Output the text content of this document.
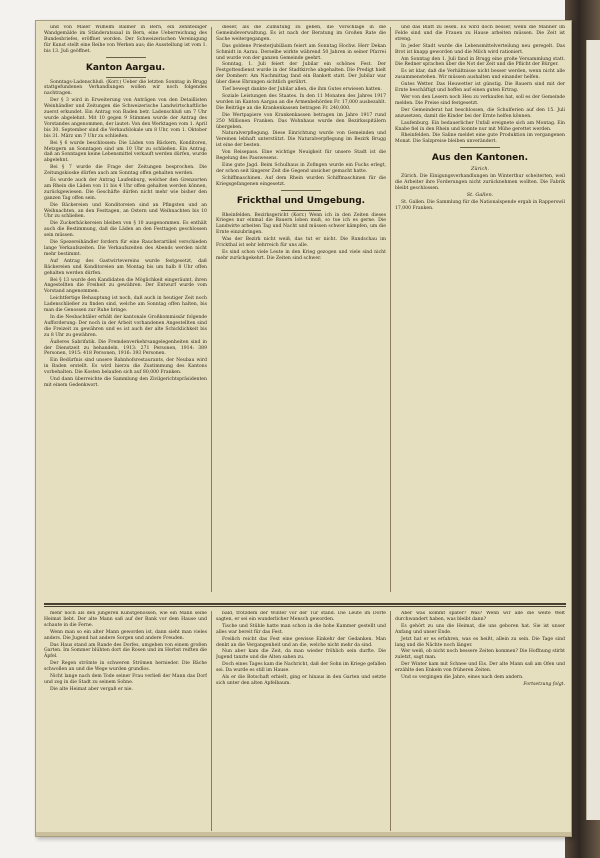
und von Maler Wilhelm Balmer in Bern, ein zehnteiliger Wandgemälde im Ständeratssaal in Bern, eine Ueberreichung des Bundesbriefes, eröffnet worden. Der Schweizerischen Vereinigung für Kunst stellt eine Reihe von Werken aus; die Ausstellung ist vom 1. bis 13. Juli geöffnet.

Kanton Aargau.

Sonntags-Ladenschluß. (Korr.) Ueber die letzten Sonntag in Brugg stattgefundenen Verhandlungen wollen wir noch folgendes nachtragen.

Der § 3 wird in Erweiterung von Anträgen von den Detaillisten Weinhändler und Zeitungen die Schweizerische Landwirtschaftliche zuerst erkundet. Ein Antrag von Baden betr. Ladenschluß um 7 Uhr wurde abgelehnt. Mit 10 gegen 9 Stimmen wurde der Antrag des Vorstandes angenommen, der lautet: Von den Werktagen vom 1. April bis 30. September sind die Verkaufslokale um 8 Uhr, vom 1. Oktober bis 31. März um 7 Uhr zu schließen.

Bei § 6 wurde beschlossen: Die Läden von Bäckern, Konditoren, Metzgern an Sonntagen sind um 10 Uhr zu schließen. Ein Antrag, daß an Sonntagen keine Lebensmittel verkauft werden dürfen, wurde abgelehnt.

Bei § 7 wurde die Frage der Zeitungen besprochen. Die Zeitungskioske dürfen auch am Sonntag offen gehalten werden.

Es wurde auch der Antrag Laufenburg, welcher den Grenzorten am Rhein die Läden von 11 bis 4 Uhr offen gehalten werden können, zurückgewiesen. Die Geschäfte dürfen nicht mehr wie bisher den ganzen Tag offen sein.

Die Bäckereien und Konditoreien sind an Pfingsten und an Weihnachten, an den Festtagen, an Ostern und Weihnachten bis 10 Uhr zu schließen.

Die Zuckerbäckereien bleiben von § 10 ausgenommen. Es enthält auch die Bestimmung, daß die Läden an den Festtagen geschlossen sein müssen.

Die Spezereihändler fordern für eine Raucherartikel verschieden lange Verkaufszeiten. Die Verkaufszeiten des Abends werden nicht mehr bestimmt.

Auf Antrag des Gastwirtevereins wurde festgesetzt, daß Bäckereien und Konditoreien am Montag bis um halb 8 Uhr offen gehalten werden dürfen.

Bei § 13 wurde den Kandidaten die Möglichkeit eingeräumt, ihren Angestellten die Freiheit zu gewähren. Der Entwurf wurde vom Vorstand angenommen.

Leichtfertige Behauptung ist noch, daß auch in heutiger Zeit noch Ladenschließer zu finden sind, welche am Sonntag offen halten, bis man die Genossen zur Ruhe bringe.

In die Nesbachtäler erhält der kantonale Großkommissär folgende Aufforderung: Der noch in der Arbeit vorhandenen Angestellten sind die Freizeit zu gewähren und es ist auch der alte Schicklichkeit bis zu 8 Uhr zu gewähren.

Äußeres Sabrifatik. Die Fremdenverkehrsangelegenheiten sind in der Dienstzeit zu behandeln. 1913: 271 Personen, 1914: 389 Personen, 1915: 418 Personen, 1916: 393 Personen.

Ein Bedürfnis sind unsere Bahnhofsrestaurants, der Neubau wird in Baden erstellt. Es wird hierzu die Zustimmung des Kantons vorbehalten. Die Kosten belaufen sich auf 80,000 Franken.

Und dann überreichte die Sammlung den Zivilgerichtspräsidenten mit einem Gedenkwort.

dieser, als die Zumutung zu geben, die Vorschläge in die Gemeindeverwaltung. Es ist nach der Beratung im Großen Rate die Sache weitergegangen.

Das goldene Priesterjubiläum feiert am Sonntag Hochw. Herr Dekan Schmidt in Aarau. Derselbe wirkte während 50 Jahren in seiner Pfarrei und wurde von der ganzen Gemeinde geehrt.

Sonntag, 1. Juli feiert der Jubilar ein schönes Fest. Der Festgottesdienst wurde in der Stadtkirche abgehalten. Die Predigt hielt der Domherr. Am Nachmittag fand ein Bankett statt. Der Jubilar war über diese Ehrungen sichtlich gerührt.

Tief bewegt dankte der Jubilar allen, die ihm Gutes erwiesen hatten.

Soziale Leistungen des Staates. In den 11 Monaten des Jahres 1917 wurden im Kanton Aargau an die Armenbehörden Fr. 17,000 ausbezahlt. Die Beiträge an die Krankenkassen betragen Fr. 240,000.

Die Wertpapiere von Krankenkassen betragen im Jahre 1917 rund 250 Millionen Franken. Das Wohnhaus wurde den Bezirksspitälern übergeben.

Naturalverpflegung. Diese Einrichtung wurde von Gemeinden und Vereinen lebhaft unterstützt. Die Naturalverpflegung im Bezirk Brugg ist eine der besten.

Von Reisepass. Eine wichtige Neuigkeit für unsere Stadt ist die Regelung des Passwesens.

Eine gute Jagd. Beim Schulhaus in Zofingen wurde ein Fuchs erlegt, der schon seit längerer Zeit die Gegend unsicher gemacht hatte.

Schiffmaschinen. Auf dem Rhein wurden Schiffmaschinen für die Kriegsgefangenen eingesetzt.

Frickthal und Umgebung.

Rheinfelden. Bezirksgericht (Korr.) Wenn ich in den Zeiten dieses Krieges nur einmal die Bauern loben muß, so tue ich es gerne. Die Landwirte arbeiten Tag und Nacht und müssen schwer kämpfen, um die Ernte einzubringen.

Was der Bezirk nicht weiß, das tut er nicht. Die Rundschau im Frickthal ist sehr lehrreich für uns alle.

Es sind schon viele Leute in den Krieg gezogen und viele sind nicht mehr zurückgekehrt. Die Zeiten sind schwer.

und das Blatt zu lesen. Es wird doch besser, wenn die Männer im Felde sind und die Frauen zu Hause arbeiten müssen. Die Zeit ist streng.

In jeder Stadt wurde die Lebensmittelverteilung neu geregelt. Das Brot ist knapp geworden und die Milch wird rationiert.

Am Sonntag den 1. Juli fand in Brugg eine große Versammlung statt. Die Redner sprachen über die Not der Zeit und die Pflicht der Bürger.

Es ist klar, daß die Verhältnisse nicht besser werden, wenn nicht alle zusammenstehen. Wir müssen aushalten und einander helfen.

Gutes Wetter. Das Heuwetter ist günstig. Die Bauern sind mit der Ernte beschäftigt und hoffen auf einen guten Ertrag.

Wer von den Lesern noch Heu zu verkaufen hat, soll es der Gemeinde melden. Die Preise sind festgesetzt.

Der Gemeinderat hat beschlossen, die Schulferien auf den 15. Juli anzusetzen, damit die Kinder bei der Ernte helfen können.

Laufenburg. Ein bedauerlicher Unfall ereignete sich am Montag. Ein Knabe fiel in den Rhein und konnte nur mit Mühe gerettet werden.

Rheinfelden. Die Saline meldet eine gute Produktion im vergangenen Monat. Die Salzpreise bleiben unverändert.

Aus den Kantonen.
Zürich.

Zürich. Die Einigungsverhandlungen im Winterthur scheiterten, weil die Arbeiter ihre Forderungen nicht zurücknehmen wollten. Die Fabrik bleibt geschlossen.

St. Gallen.

St. Gallen. Die Sammlung für die Nationalspende ergab in Rapperswil 17,000 Franken.

mehr noch als den jüngeren Kunstgenossen, wie ein Mann seine Heimat liebt. Der alte Mann saß auf der Bank vor dem Hause und schaute in die Ferne.

Wenn man so ein alter Mann geworden ist, dann sieht man vieles anders. Die Jugend hat andere Sorgen und andere Freuden.

Das Haus stand am Rande des Dorfes, umgeben von einem großen Garten. Im Sommer blühten dort die Rosen und im Herbst reiften die Äpfel.

Der Regen strömte in schweren Strömen hernieder. Die Bäche schwollen an und die Wege wurden grundlos.

Nicht lange nach dem Tode seiner Frau verließ der Mann das Dorf und zog in die Stadt zu seinem Sohne.

Die alte Heimat aber vergaß er nie.

bald, trotzdem der Winter vor der Tür stand. Die Leute im Dorfe sagten, er sei ein wunderlicher Mensch geworden.

Tische und Stühle hatte man schon in die hohe Kammer gestellt und alles war bereit für das Fest.

Freilich reicht das Fest eine gewisse Einkehr der Gedanken. Man denkt an die Vergangenheit und an die, welche nicht mehr da sind.

Nun aber kam die Zeit, da man wieder fröhlich sein durfte. Die Jugend tanzte und die Alten sahen zu.

Doch eines Tages kam die Nachricht, daß der Sohn im Kriege gefallen sei. Da wurde es still im Hause.

Als er die Botschaft erhielt, ging er hinaus in den Garten und setzte sich unter den alten Apfelbaum.

Aber was kommt später? Was? Wenn wir alle die weite Welt durchwandert haben, was bleibt dann?

Es gehört zu uns die Heimat, die uns geboren hat. Sie ist unser Anfang und unser Ende.

Jetzt hat er es erfahren, was es heißt, allein zu sein. Die Tage sind lang und die Nächte noch länger.

Wer weiß, ob nicht noch bessere Zeiten kommen? Die Hoffnung stirbt zuletzt, sagt man.

Der Winter kam mit Schnee und Eis. Der alte Mann saß am Ofen und erzählte den Enkeln von früheren Zeiten.

Und so vergingen die Jahre, eines nach dem andern.

Fortsetzung folgt.
